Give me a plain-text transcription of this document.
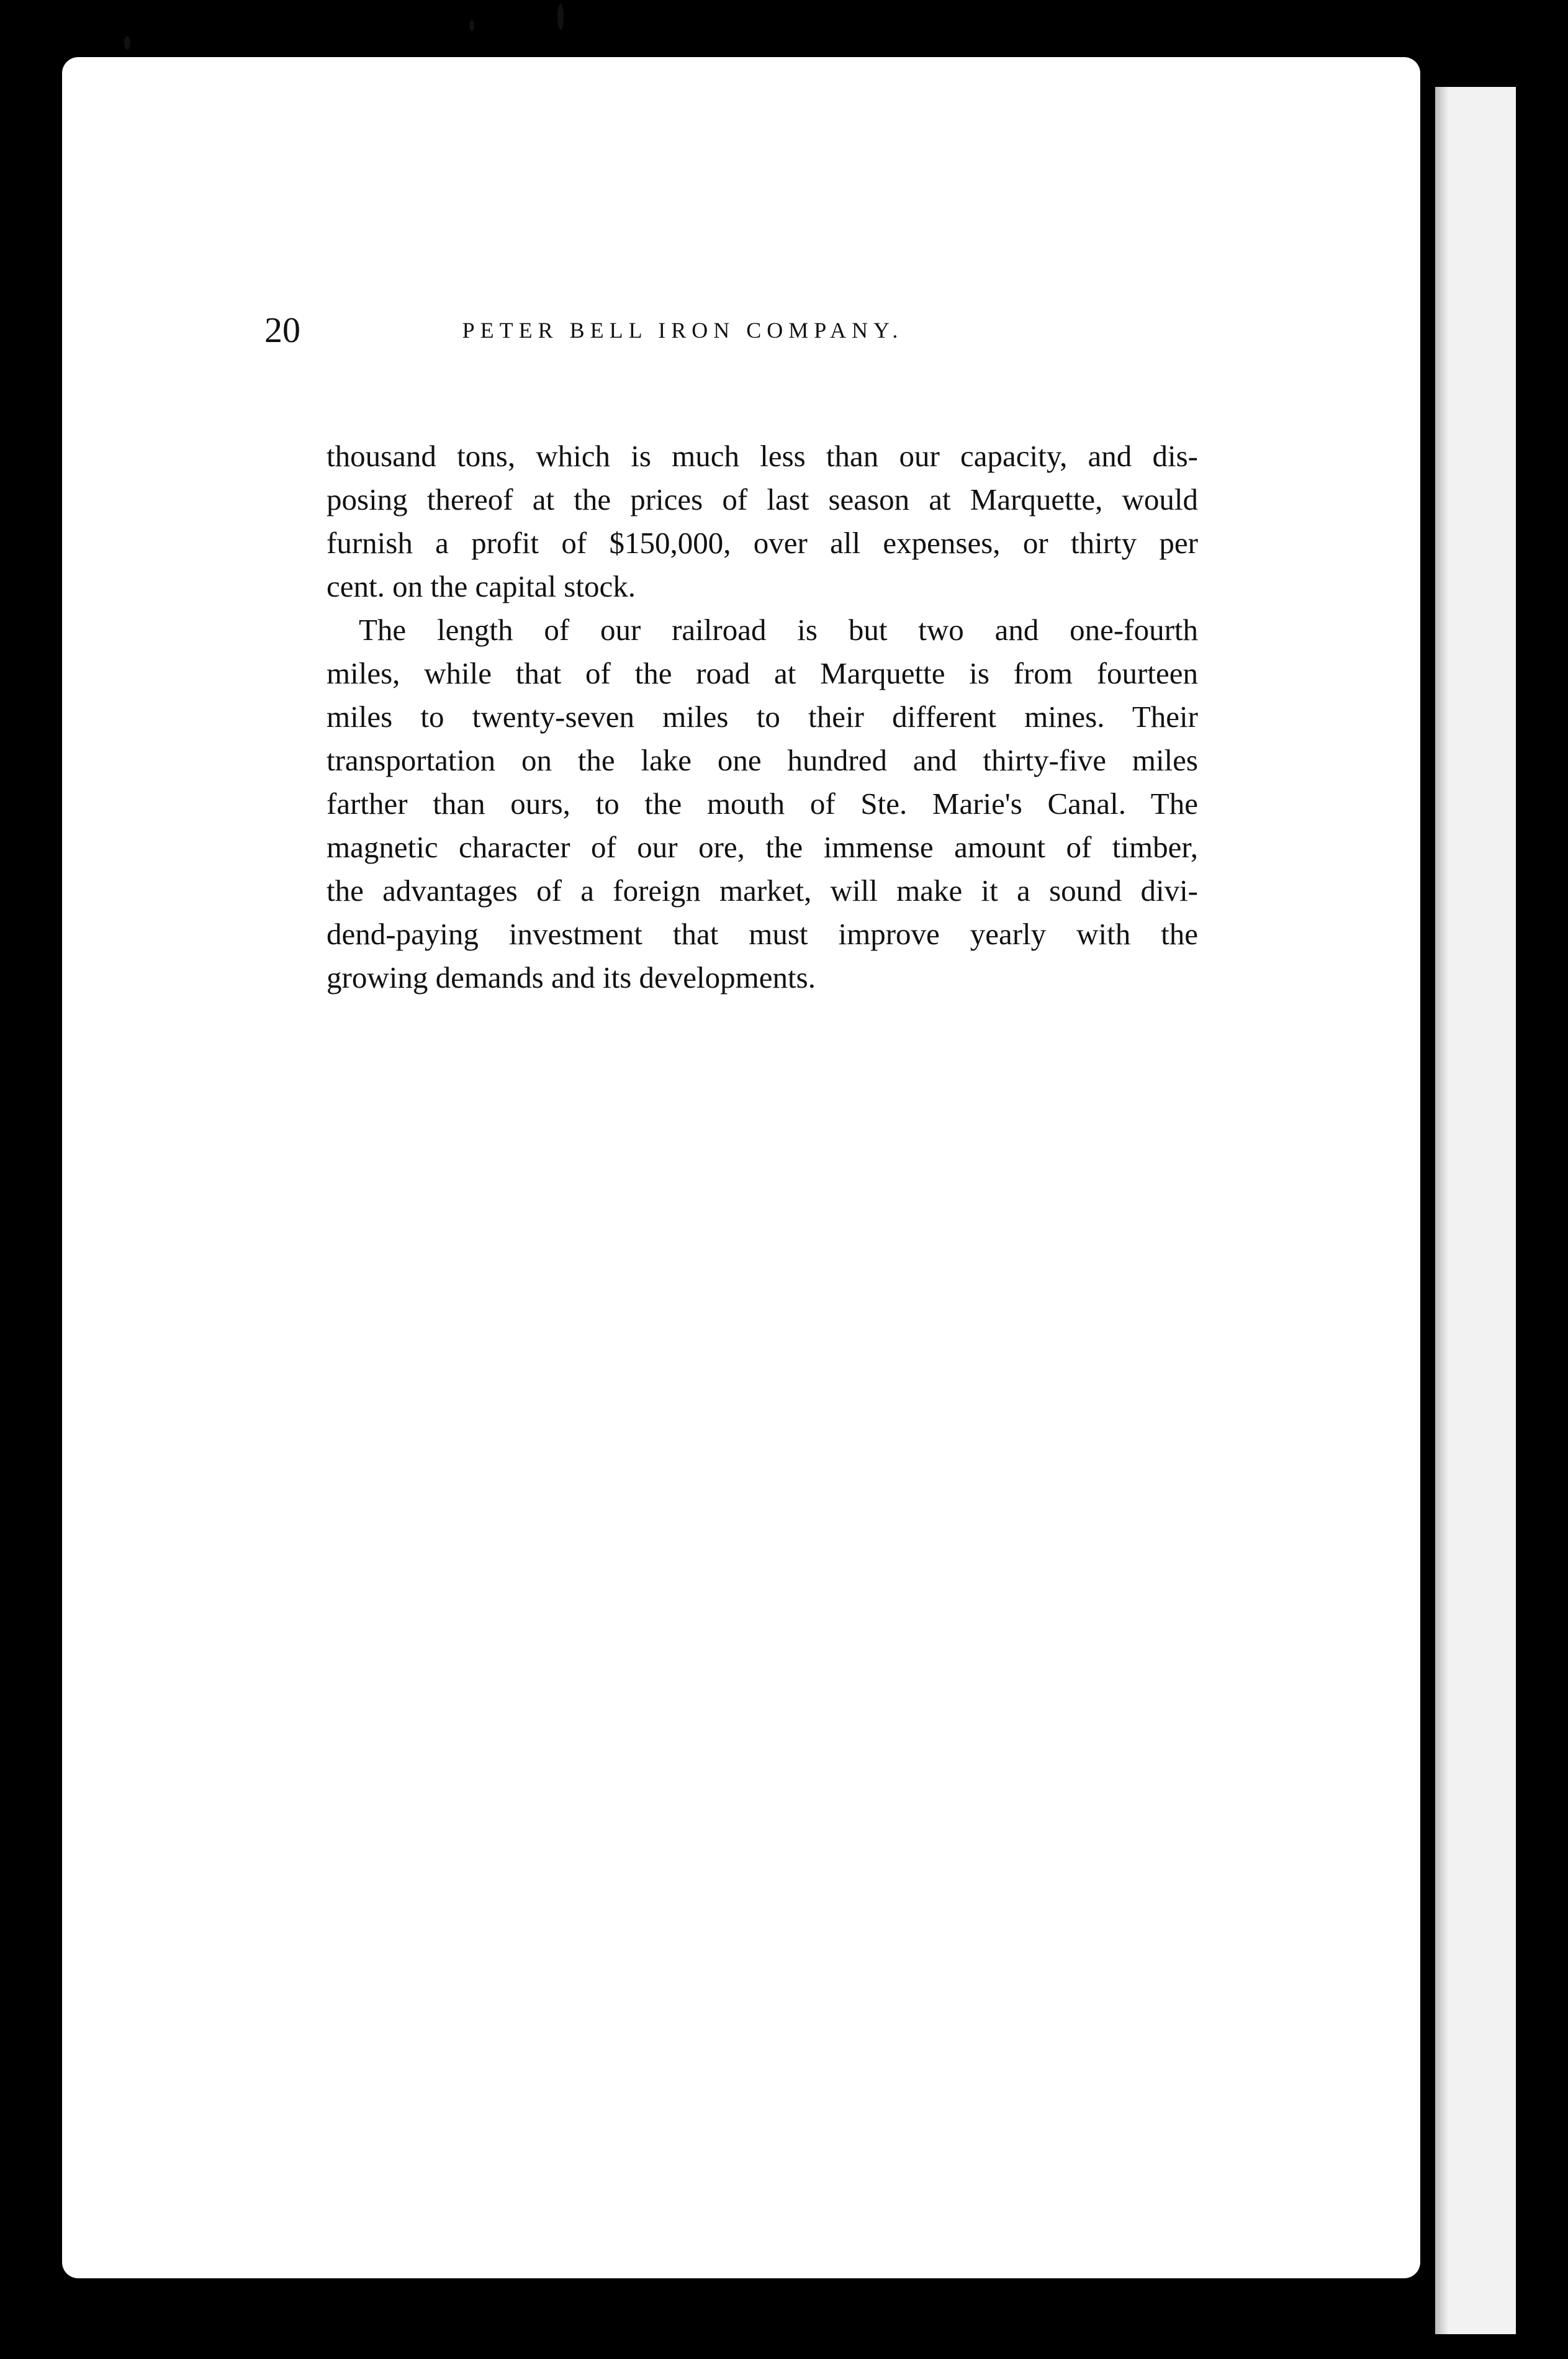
20	PETER BELL IRON COMPANY.

thousand tons, which is much less than our capacity, and dis-
posing thereof at the prices of last season at Marquette, would
furnish a profit of $150,000, over all expenses, or thirty per
cent. on the capital stock.

The length of our railroad is but two and one-fourth
miles, while that of the road at Marquette is from fourteen
miles to twenty-seven miles to their different mines. Their
transportation on the lake one hundred and thirty-five miles
farther than ours, to the mouth of Ste. Marie's Canal. The
magnetic character of our ore, the immense amount of timber,
the advantages of a foreign market, will make it a sound divi-
dend-paying investment that must improve yearly with the
growing demands and its developments.
